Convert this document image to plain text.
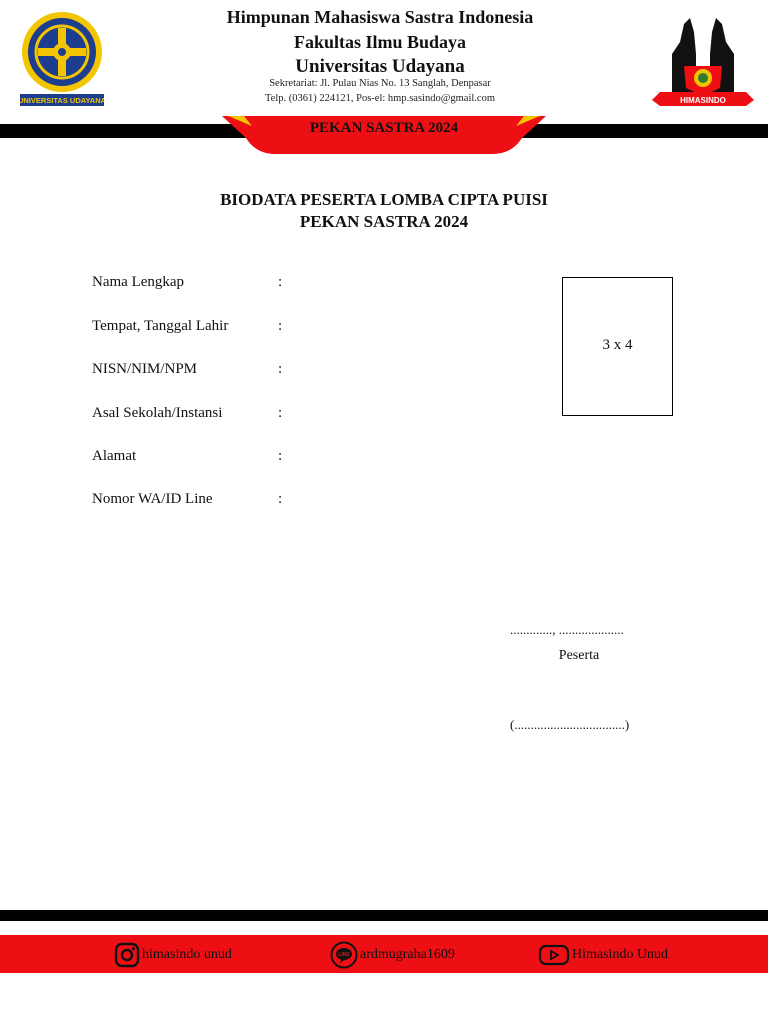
UNIVERSITAS UDAYANA
Himpunan Mahasiswa Sastra Indonesia
Fakultas Ilmu Budaya
Universitas Udayana
Sekretariat: Jl. Pulau Nias No. 13 Sanglah, Denpasar
Telp. (0361) 224121, Pos-el: hmp.sasindo@gmail.com	HIMASINDO
PEKAN SASTRA 2024
BIODATA PESERTA LOMBA CIPTA PUISI
PEKAN SASTRA 2024
Nama Lengkap	:
Tempat, Tanggal Lahir	:
NISN/NIM/NPM	:
Asal Sekolah/Instansi	:
Alamat	:
Nomor WA/ID Line	:
3 x 4
............., ....................
Peserta
(..................................)
himasindo unud	LINE ardmugraha1609	Himasindo Unud
